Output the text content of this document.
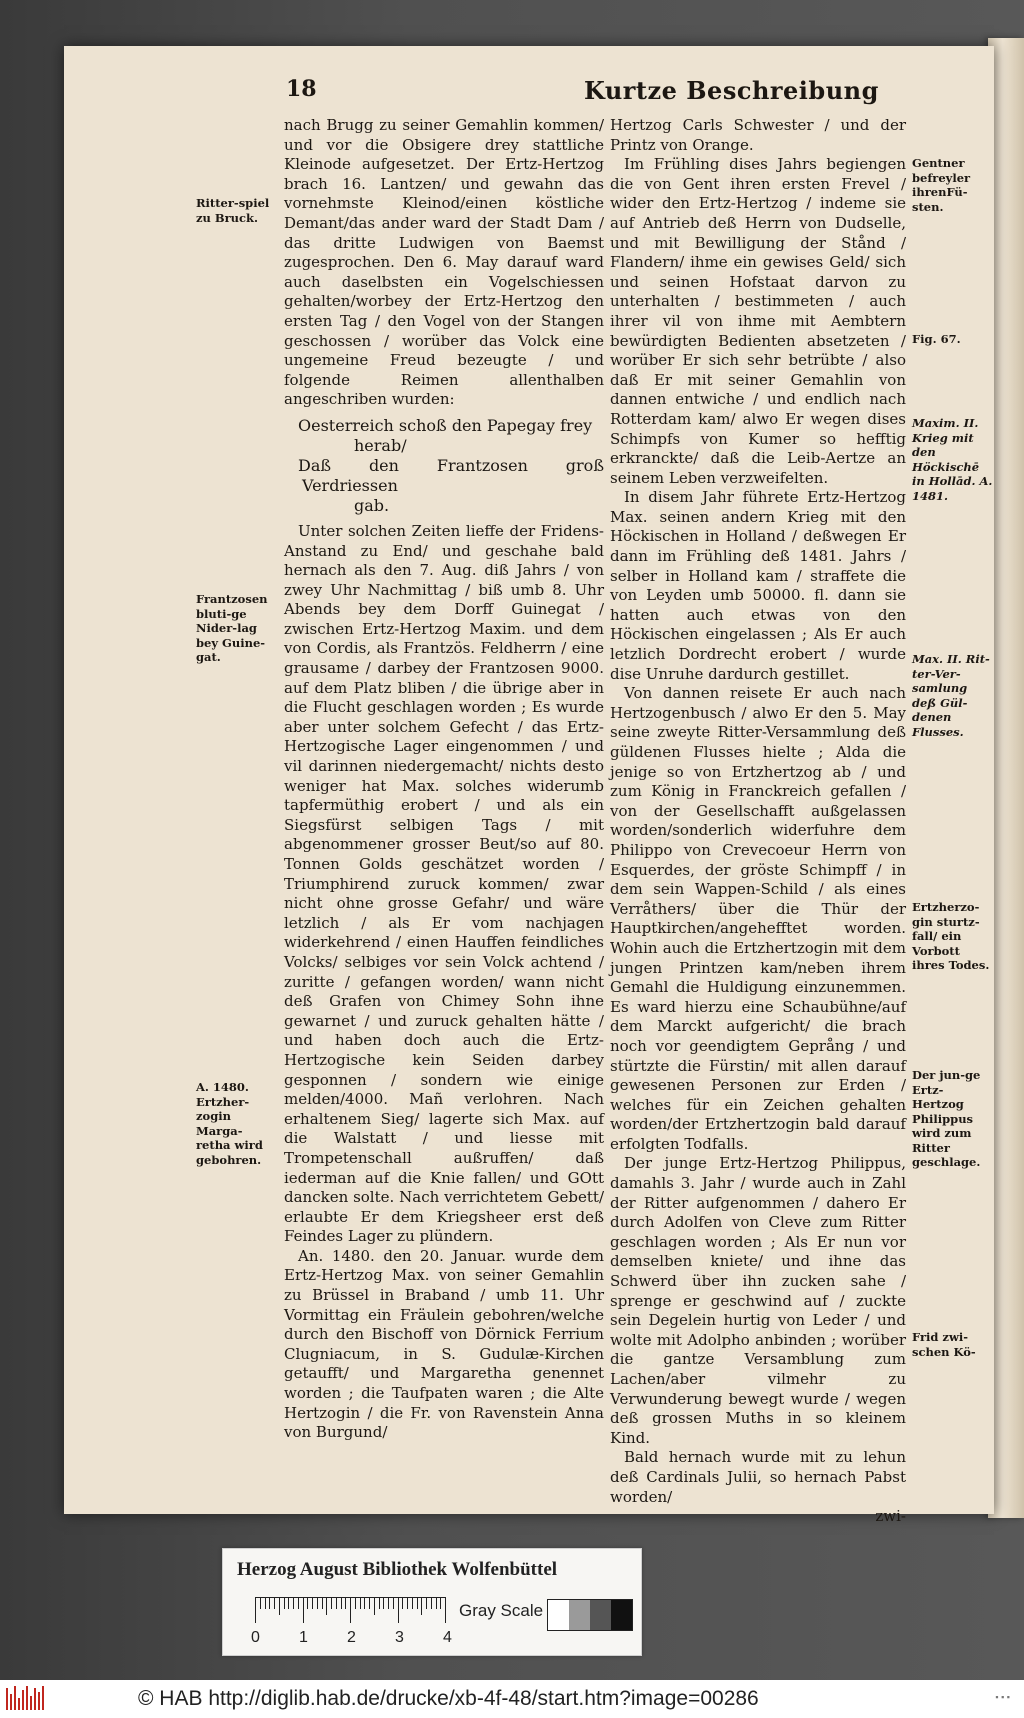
18	Kurtze Beschreibung
Ritter-spiel zu Bruck.
Frantzosen bluti-ge Nider-lag bey Guine-gat.
A. 1480. Ertzher-zogin Marga-retha wird gebohren.

nach Brugg zu seiner Gemahlin kommen/ und vor die Obsigere drey stattliche Kleinode aufgesetzet. Der Ertz-Hertzog brach 16. Lantzen/ und gewahn das vornehmste Kleinod/einen köstliche Demant/das ander ward der Stadt Dam / das dritte Ludwigen von Baemst zugesprochen. Den 6. May darauf ward auch daselbsten ein Vogelschiessen gehalten/worbey der Ertz-Hertzog den ersten Tag / den Vogel von der Stangen geschossen / worüber das Volck eine ungemeine Freud bezeugte / und folgende Reimen allenthalben angeschriben wurden:

Oesterreich schoß den Papegay frey
herab/
Daß den Frantzosen groß Verdriessen
gab.

Unter solchen Zeiten lieffe der Fridens-Anstand zu End/ und geschahe bald hernach als den 7. Aug. diß Jahrs / von zwey Uhr Nachmittag / biß umb 8. Uhr Abends bey dem Dorff Guinegat / zwischen Ertz-Hertzog Maxim. und dem von Cordis, als Frantzös. Feldherrn / eine grausame / darbey der Frantzosen 9000. auf dem Platz bliben / die übrige aber in die Flucht geschlagen worden ; Es wurde aber unter solchem Gefecht / das Ertz-Hertzogische Lager eingenommen / und vil darinnen niedergemacht/ nichts desto weniger hat Max. solches widerumb tapfermüthig erobert / und als ein Siegsfürst selbigen Tags / mit abgenommener grosser Beut/so auf 80. Tonnen Golds geschätzet worden / Triumphirend zuruck kommen/ zwar nicht ohne grosse Gefahr/ und wäre letzlich / als Er vom nachjagen widerkehrend / einen Hauffen feindliches Volcks/ selbiges vor sein Volck achtend / zuritte / gefangen worden/ wann nicht deß Grafen von Chimey Sohn ihne gewarnet / und zuruck gehalten hätte / und haben doch auch die Ertz-Hertzogische kein Seiden darbey gesponnen / sondern wie einige melden/4000. Mañ verlohren. Nach erhaltenem Sieg/ lagerte sich Max. auf die Walstatt / und liesse mit Trompetenschall außruffen/ daß iederman auf die Knie fallen/ und GOtt dancken solte. Nach verrichtetem Gebett/ erlaubte Er dem Kriegsheer erst deß Feindes Lager zu plündern.

An. 1480. den 20. Januar. wurde dem Ertz-Hertzog Max. von seiner Gemahlin zu Brüssel in Braband / umb 11. Uhr Vormittag ein Fräulein gebohren/welche durch den Bischoff von Dörnick Ferrium Clugniacum, in S. Gudulæ-Kirchen getaufft/ und Margaretha genennet worden ; die Taufpaten waren ; die Alte Hertzogin / die Fr. von Ravenstein Anna von Burgund/

Hertzog Carls Schwester / und der Printz von Orange.

Im Frühling dises Jahrs begiengen die von Gent ihren ersten Frevel / wider den Ertz-Hertzog / indeme sie auf Antrieb deß Herrn von Dudselle, und mit Bewilligung der Stånd / Flandern/ ihme ein gewises Geld/ sich und seinen Hofstaat darvon zu unterhalten / bestimmeten / auch ihrer vil von ihme mit Aembtern bewürdigten Bedienten absetzeten / worüber Er sich sehr betrübte / also daß Er mit seiner Gemahlin von dannen entwiche / und endlich nach Rotterdam kam/ alwo Er wegen dises Schimpfs von Kumer so hefftig erkranckte/ daß die Leib-Aertze an seinem Leben verzweifelten.

In disem Jahr führete Ertz-Hertzog Max. seinen andern Krieg mit den Höckischen in Holland / deßwegen Er dann im Frühling deß 1481. Jahrs / selber in Holland kam / straffete die von Leyden umb 50000. fl. dann sie hatten auch etwas von den Höckischen eingelassen ; Als Er auch letzlich Dordrecht erobert / wurde dise Unruhe dardurch gestillet.

Von dannen reisete Er auch nach Hertzogenbusch / alwo Er den 5. May seine zweyte Ritter-Versammlung deß güldenen Flusses hielte ; Alda die jenige so von Ertzhertzog ab / und zum König in Franckreich gefallen / von der Gesellschafft außgelassen worden/sonderlich widerfuhre dem Philippo von Crevecoeur Herrn von Esquerdes, der gröste Schimpff / in dem sein Wappen-Schild / als eines Verråthers/ über die Thür der Hauptkirchen/angehefftet worden. Wohin auch die Ertzhertzogin mit dem jungen Printzen kam/neben ihrem Gemahl die Huldigung einzunemmen. Es ward hierzu eine Schaubühne/auf dem Marckt aufgericht/ die brach noch vor geendigtem Geprång / und stürtzte die Fürstin/ mit allen darauf gewesenen Personen zur Erden / welches für ein Zeichen gehalten worden/der Ertzhertzogin bald darauf erfolgten Todfalls.

Der junge Ertz-Hertzog Philippus, damahls 3. Jahr / wurde auch in Zahl der Ritter aufgenommen / dahero Er durch Adolfen von Cleve zum Ritter geschlagen worden ; Als Er nun vor demselben kniete/ und ihne das Schwerd über ihn zucken sahe / sprenge er geschwind auf / zuckte sein Degelein hurtig von Leder / und wolte mit Adolpho anbinden ; worüber die gantze Versamblung zum Lachen/aber vilmehr zu Verwunderung bewegt wurde / wegen deß grossen Muths in so kleinem Kind.

Bald hernach wurde mit zu lehun deß Cardinals Julii, so hernach Pabst worden/

zwi-
Gentner befreyler ihrenFü-sten.
Fig. 67.
Maxim. II. Krieg mit den Höckischē in Hollād. A. 1481.
Max. II. Rit-ter-Ver-samlung deß Gül-denen Flusses.
Ertzherzo-gin sturtz-fall/ ein Vorbott ihres Todes.
Der jun-ge Ertz-Hertzog Philippus wird zum Ritter geschlage.
Frid zwi-schen Kö-
Herzog August Bibliothek Wolfenbüttel
0 1 2 3 4
Gray Scale
© HAB http://diglib.hab.de/drucke/xb-4f-48/start.htm?image=00286	▪ ▪ ▪
